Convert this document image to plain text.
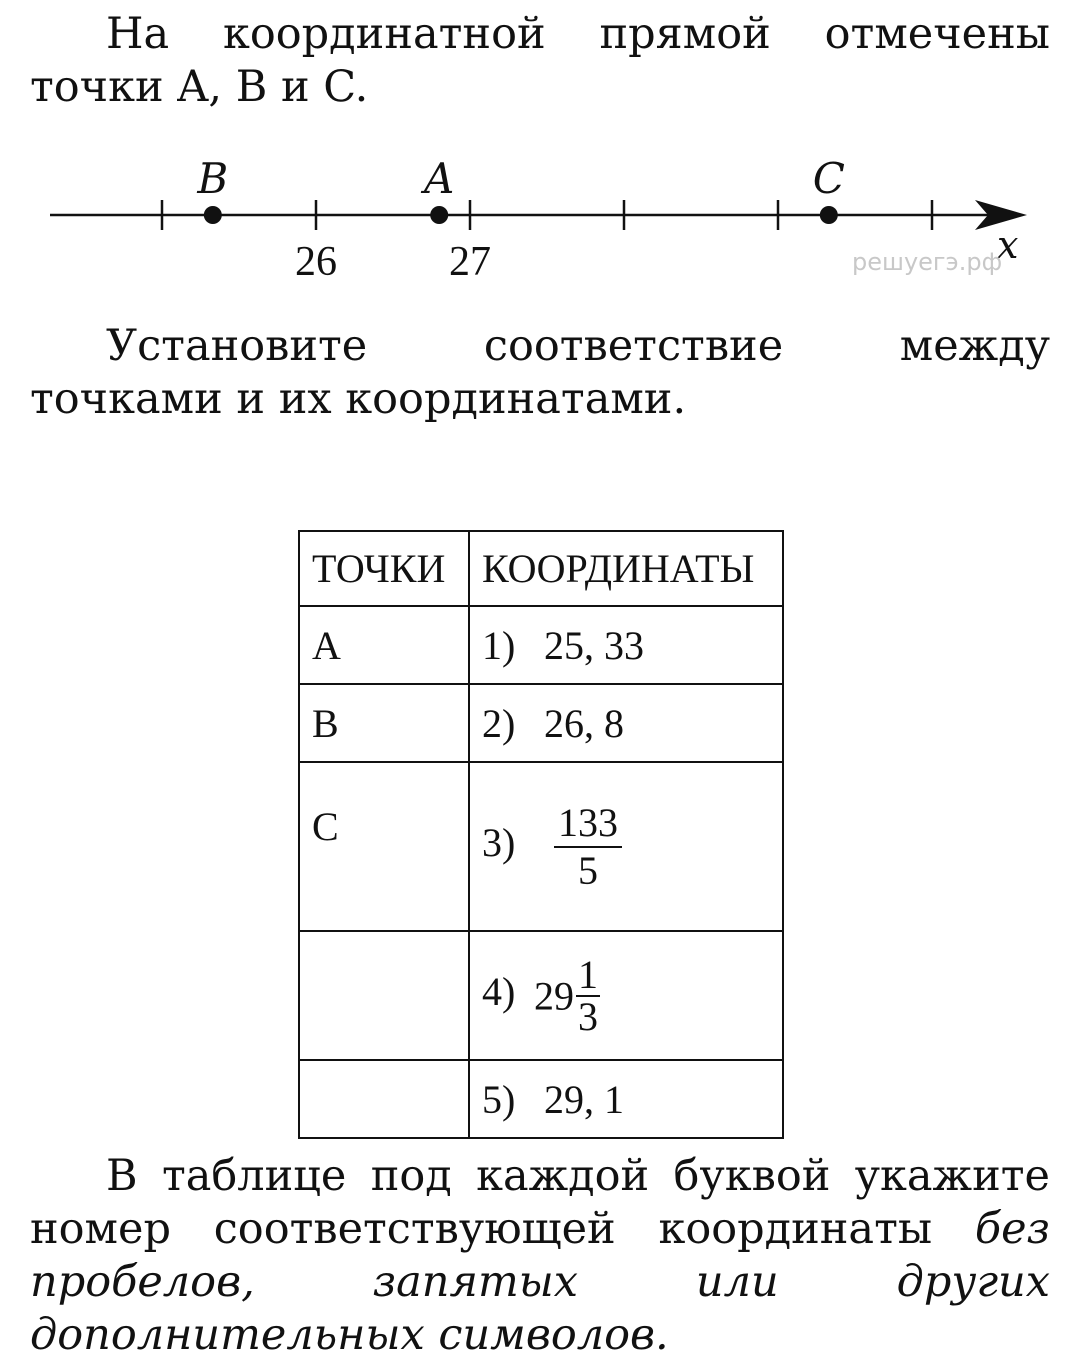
На координатной прямой отмечены точки A, B и C.

26	27
B	A	C
x
решуегэ.рф

Установите соответствие между точками и их координатами.

ТОЧКИ	КООРДИНАТЫ
A	1) 25, 33
B	2) 26, 8
C	$3) \frac{133}{5}$

	4) $29 \frac{1}{3}$

	5) 29, 1

В таблице под каждой буквой укажите номер соответствующей координаты без пробелов, запятых или других дополнительных символов.
